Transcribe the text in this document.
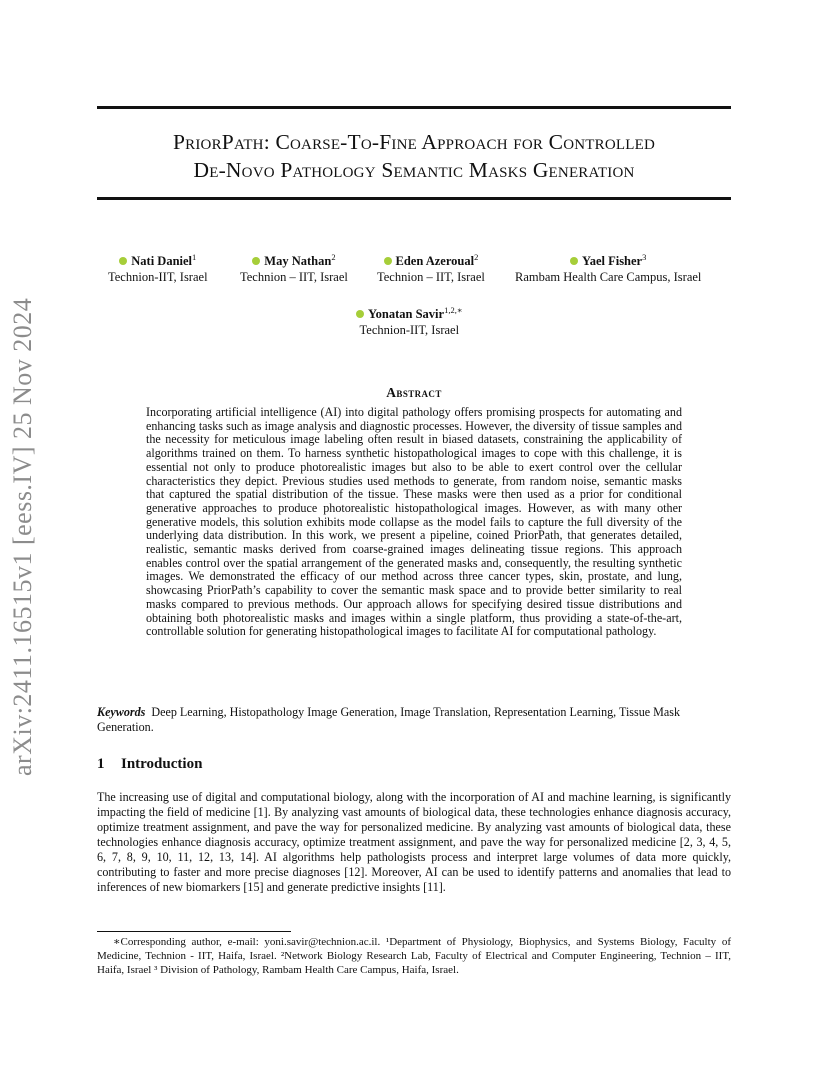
arXiv:2411.16515v1 [eess.IV] 25 Nov 2024
PriorPath: Coarse-To-Fine Approach for Controlled
De-Novo Pathology Semantic Masks Generation
Nati Daniel$^1$
Technion-IIT, Israel
May Nathan$^2$
Technion – IIT, Israel
Eden Azeroual$^2$
Technion – IIT, Israel
Yael Fisher$^3$
Rambam Health Care Campus, Israel
Yonatan Savir$^{1,2,∗}$
Technion-IIT, Israel
Abstract

Incorporating artificial intelligence (AI) into digital pathology offers promising prospects for automating and enhancing tasks such as image analysis and diagnostic processes. However, the diversity of tissue samples and the necessity for meticulous image labeling often result in biased datasets, constraining the applicability of algorithms trained on them. To harness synthetic histopathological images to cope with this challenge, it is essential not only to produce photorealistic images but also to be able to exert control over the cellular characteristics they depict. Previous studies used methods to generate, from random noise, semantic masks that captured the spatial distribution of the tissue. These masks were then used as a prior for conditional generative approaches to produce photorealistic histopathological images. However, as with many other generative models, this solution exhibits mode collapse as the model fails to capture the full diversity of the underlying data distribution. In this work, we present a pipeline, coined PriorPath, that generates detailed, realistic, semantic masks derived from coarse-grained images delineating tissue regions. This approach enables control over the spatial arrangement of the generated masks and, consequently, the resulting synthetic images. We demonstrated the efficacy of our method across three cancer types, skin, prostate, and lung, showcasing PriorPath’s capability to cover the semantic mask space and to provide better similarity to real masks compared to previous methods. Our approach allows for specifying desired tissue distributions and obtaining both photorealistic masks and images within a single platform, thus providing a state-of-the-art, controllable solution for generating histopathological images to facilitate AI for computational pathology.

Keywords Deep Learning, Histopathology Image Generation, Image Translation, Representation Learning, Tissue Mask Generation.

1 Introduction

The increasing use of digital and computational biology, along with the incorporation of AI and machine learning, is significantly impacting the field of medicine [1]. By analyzing vast amounts of biological data, these technologies enhance diagnosis accuracy, optimize treatment assignment, and pave the way for personalized medicine. By analyzing vast amounts of biological data, these technologies enhance diagnosis accuracy, optimize treatment assignment, and pave the way for personalized medicine [2, 3, 4, 5, 6, 7, 8, 9, 10, 11, 12, 13, 14]. AI algorithms help pathologists process and interpret large volumes of data more quickly, contributing to faster and more precise diagnoses [12]. Moreover, AI can be used to identify patterns and anomalies that lead to inferences of new biomarkers [15] and generate predictive insights [11].

∗Corresponding author, e-mail: yoni.savir@technion.ac.il. ¹Department of Physiology, Biophysics, and Systems Biology, Faculty of Medicine, Technion - IIT, Haifa, Israel. ²Network Biology Research Lab, Faculty of Electrical and Computer Engineering, Technion – IIT, Haifa, Israel ³ Division of Pathology, Rambam Health Care Campus, Haifa, Israel.
